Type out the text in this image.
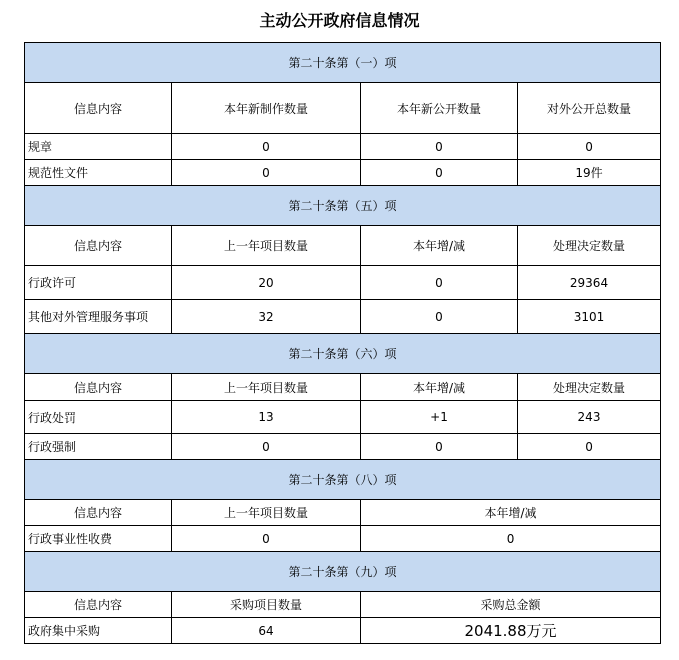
主动公开政府信息情况
第二十条第（一）项			
信息内容	本年新制作数量	本年新公开数量	对外公开总数量
规章	0	0	0
规范性文件	0	0	19件
第二十条第（五）项			
信息内容	上一年项目数量	本年增/减	处理决定数量
行政许可	20	0	29364
其他对外管理服务事项	32	0	3101
第二十条第（六）项			
信息内容	上一年项目数量	本年增/减	处理决定数量
行政处罚	13	+1	243
行政强制	0	0	0
第二十条第（八）项			
信息内容	上一年项目数量	本年增/减	
行政事业性收费	0	0	
第二十条第（九）项			
信息内容	采购项目数量	采购总金额	
政府集中采购	64	2041.88万元	
